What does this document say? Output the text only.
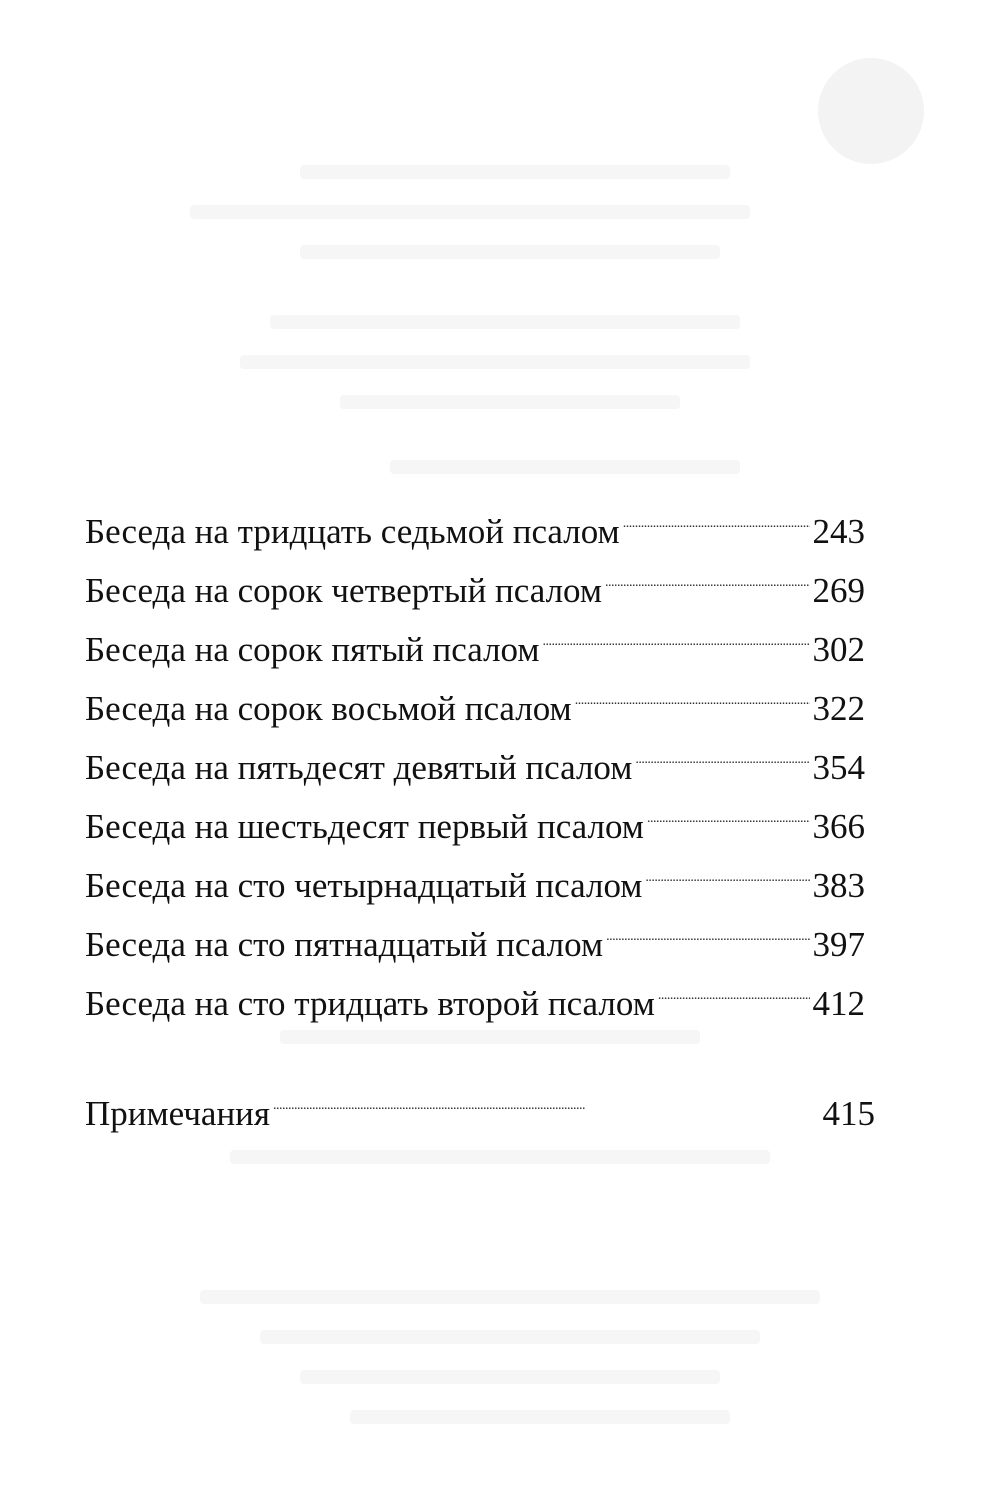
Беседа на тридцать седьмой псалом . . .	243
Беседа на сорок четвертый псалом . . .	269
Беседа на сорок пятый псалом . . .	302
Беседа на сорок восьмой псалом . . .	322
Беседа на пятьдесят девятый псалом . . .	354
Беседа на шестьдесят первый псалом . . .	366
Беседа на сто четырнадцатый псалом . . .	383
Беседа на сто пятнадцатый псалом . . .	397
Беседа на сто тридцать второй псалом . . .	412
Примечания . . .	415
